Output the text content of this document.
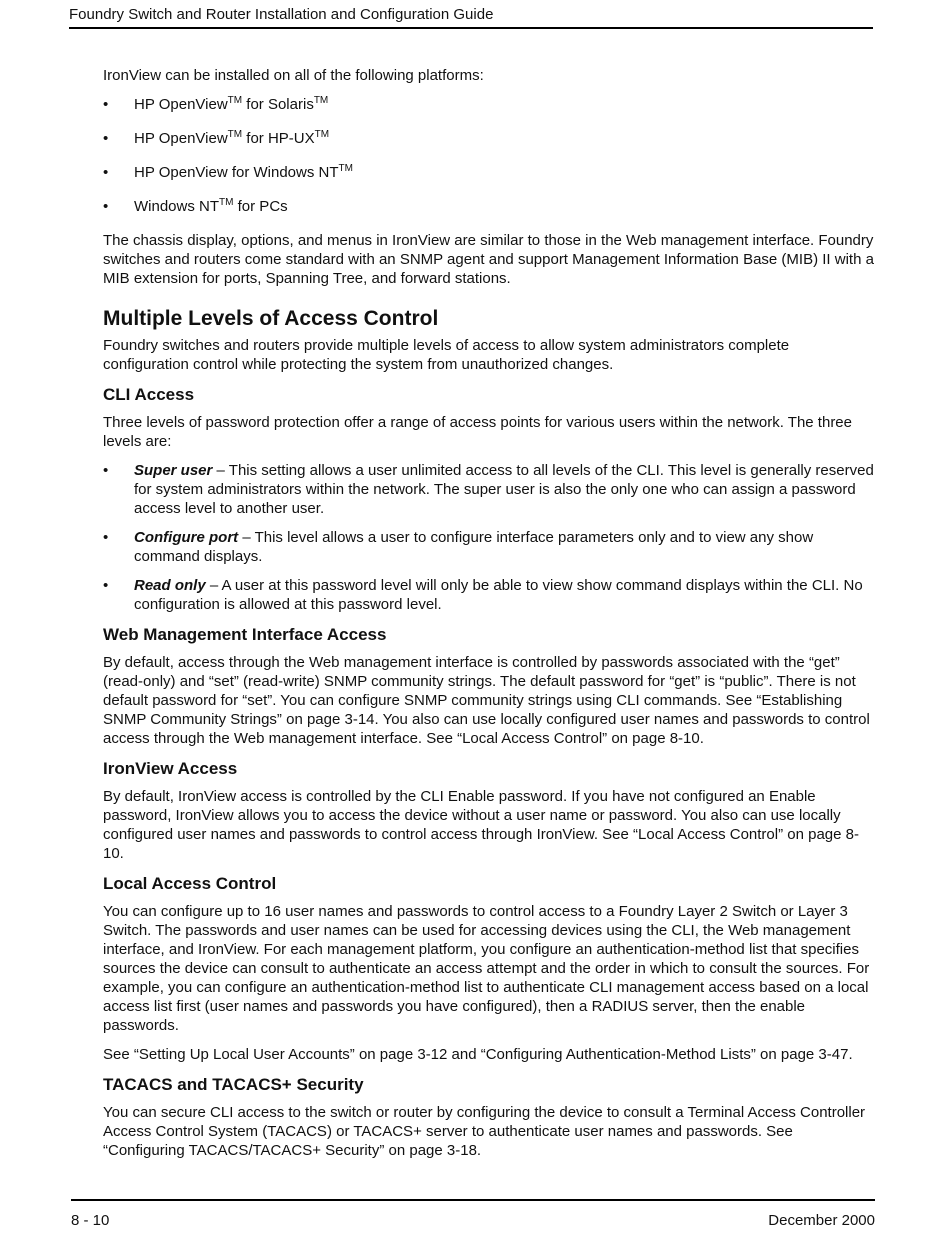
Foundry Switch and Router Installation and Configuration Guide

IronView can be installed on all of the following platforms:

• HP OpenView™ for Solaris™
• HP OpenView™ for HP-UX™
• HP OpenView for Windows NT™
• Windows NT™ for PCs

The chassis display, options, and menus in IronView are similar to those in the Web management interface. Foundry switches and routers come standard with an SNMP agent and support Management Information Base (MIB) II with a MIB extension for ports, Spanning Tree, and forward stations.

Multiple Levels of Access Control

Foundry switches and routers provide multiple levels of access to allow system administrators complete configuration control while protecting the system from unauthorized changes.

CLI Access

Three levels of password protection offer a range of access points for various users within the network. The three levels are:

• Super user – This setting allows a user unlimited access to all levels of the CLI. This level is generally reserved for system administrators within the network. The super user is also the only one who can assign a password access level to another user.
• Configure port – This level allows a user to configure interface parameters only and to view any show command displays.
• Read only – A user at this password level will only be able to view show command displays within the CLI. No configuration is allowed at this password level.
Web Management Interface Access

By default, access through the Web management interface is controlled by passwords associated with the “get” (read-only) and “set” (read-write) SNMP community strings. The default password for “get” is “public”. There is not default password for “set”. You can configure SNMP community strings using CLI commands. See “Establishing SNMP Community Strings” on page 3-14. You also can use locally configured user names and passwords to control access through the Web management interface. See “Local Access Control” on page 8-10.

IronView Access

By default, IronView access is controlled by the CLI Enable password. If you have not configured an Enable password, IronView allows you to access the device without a user name or password. You also can use locally configured user names and passwords to control access through IronView. See “Local Access Control” on page 8-10.

Local Access Control

You can configure up to 16 user names and passwords to control access to a Foundry Layer 2 Switch or Layer 3 Switch. The passwords and user names can be used for accessing devices using the CLI, the Web management interface, and IronView. For each management platform, you configure an authentication-method list that specifies sources the device can consult to authenticate an access attempt and the order in which to consult the sources. For example, you can configure an authentication-method list to authenticate CLI management access based on a local access list first (user names and passwords you have configured), then a RADIUS server, then the enable passwords.

See “Setting Up Local User Accounts” on page 3-12 and “Configuring Authentication-Method Lists” on page 3-47.

TACACS and TACACS+ Security

You can secure CLI access to the switch or router by configuring the device to consult a Terminal Access Controller Access Control System (TACACS) or TACACS+ server to authenticate user names and passwords. See “Configuring TACACS/TACACS+ Security” on page 3-18.

8 - 10	December 2000
